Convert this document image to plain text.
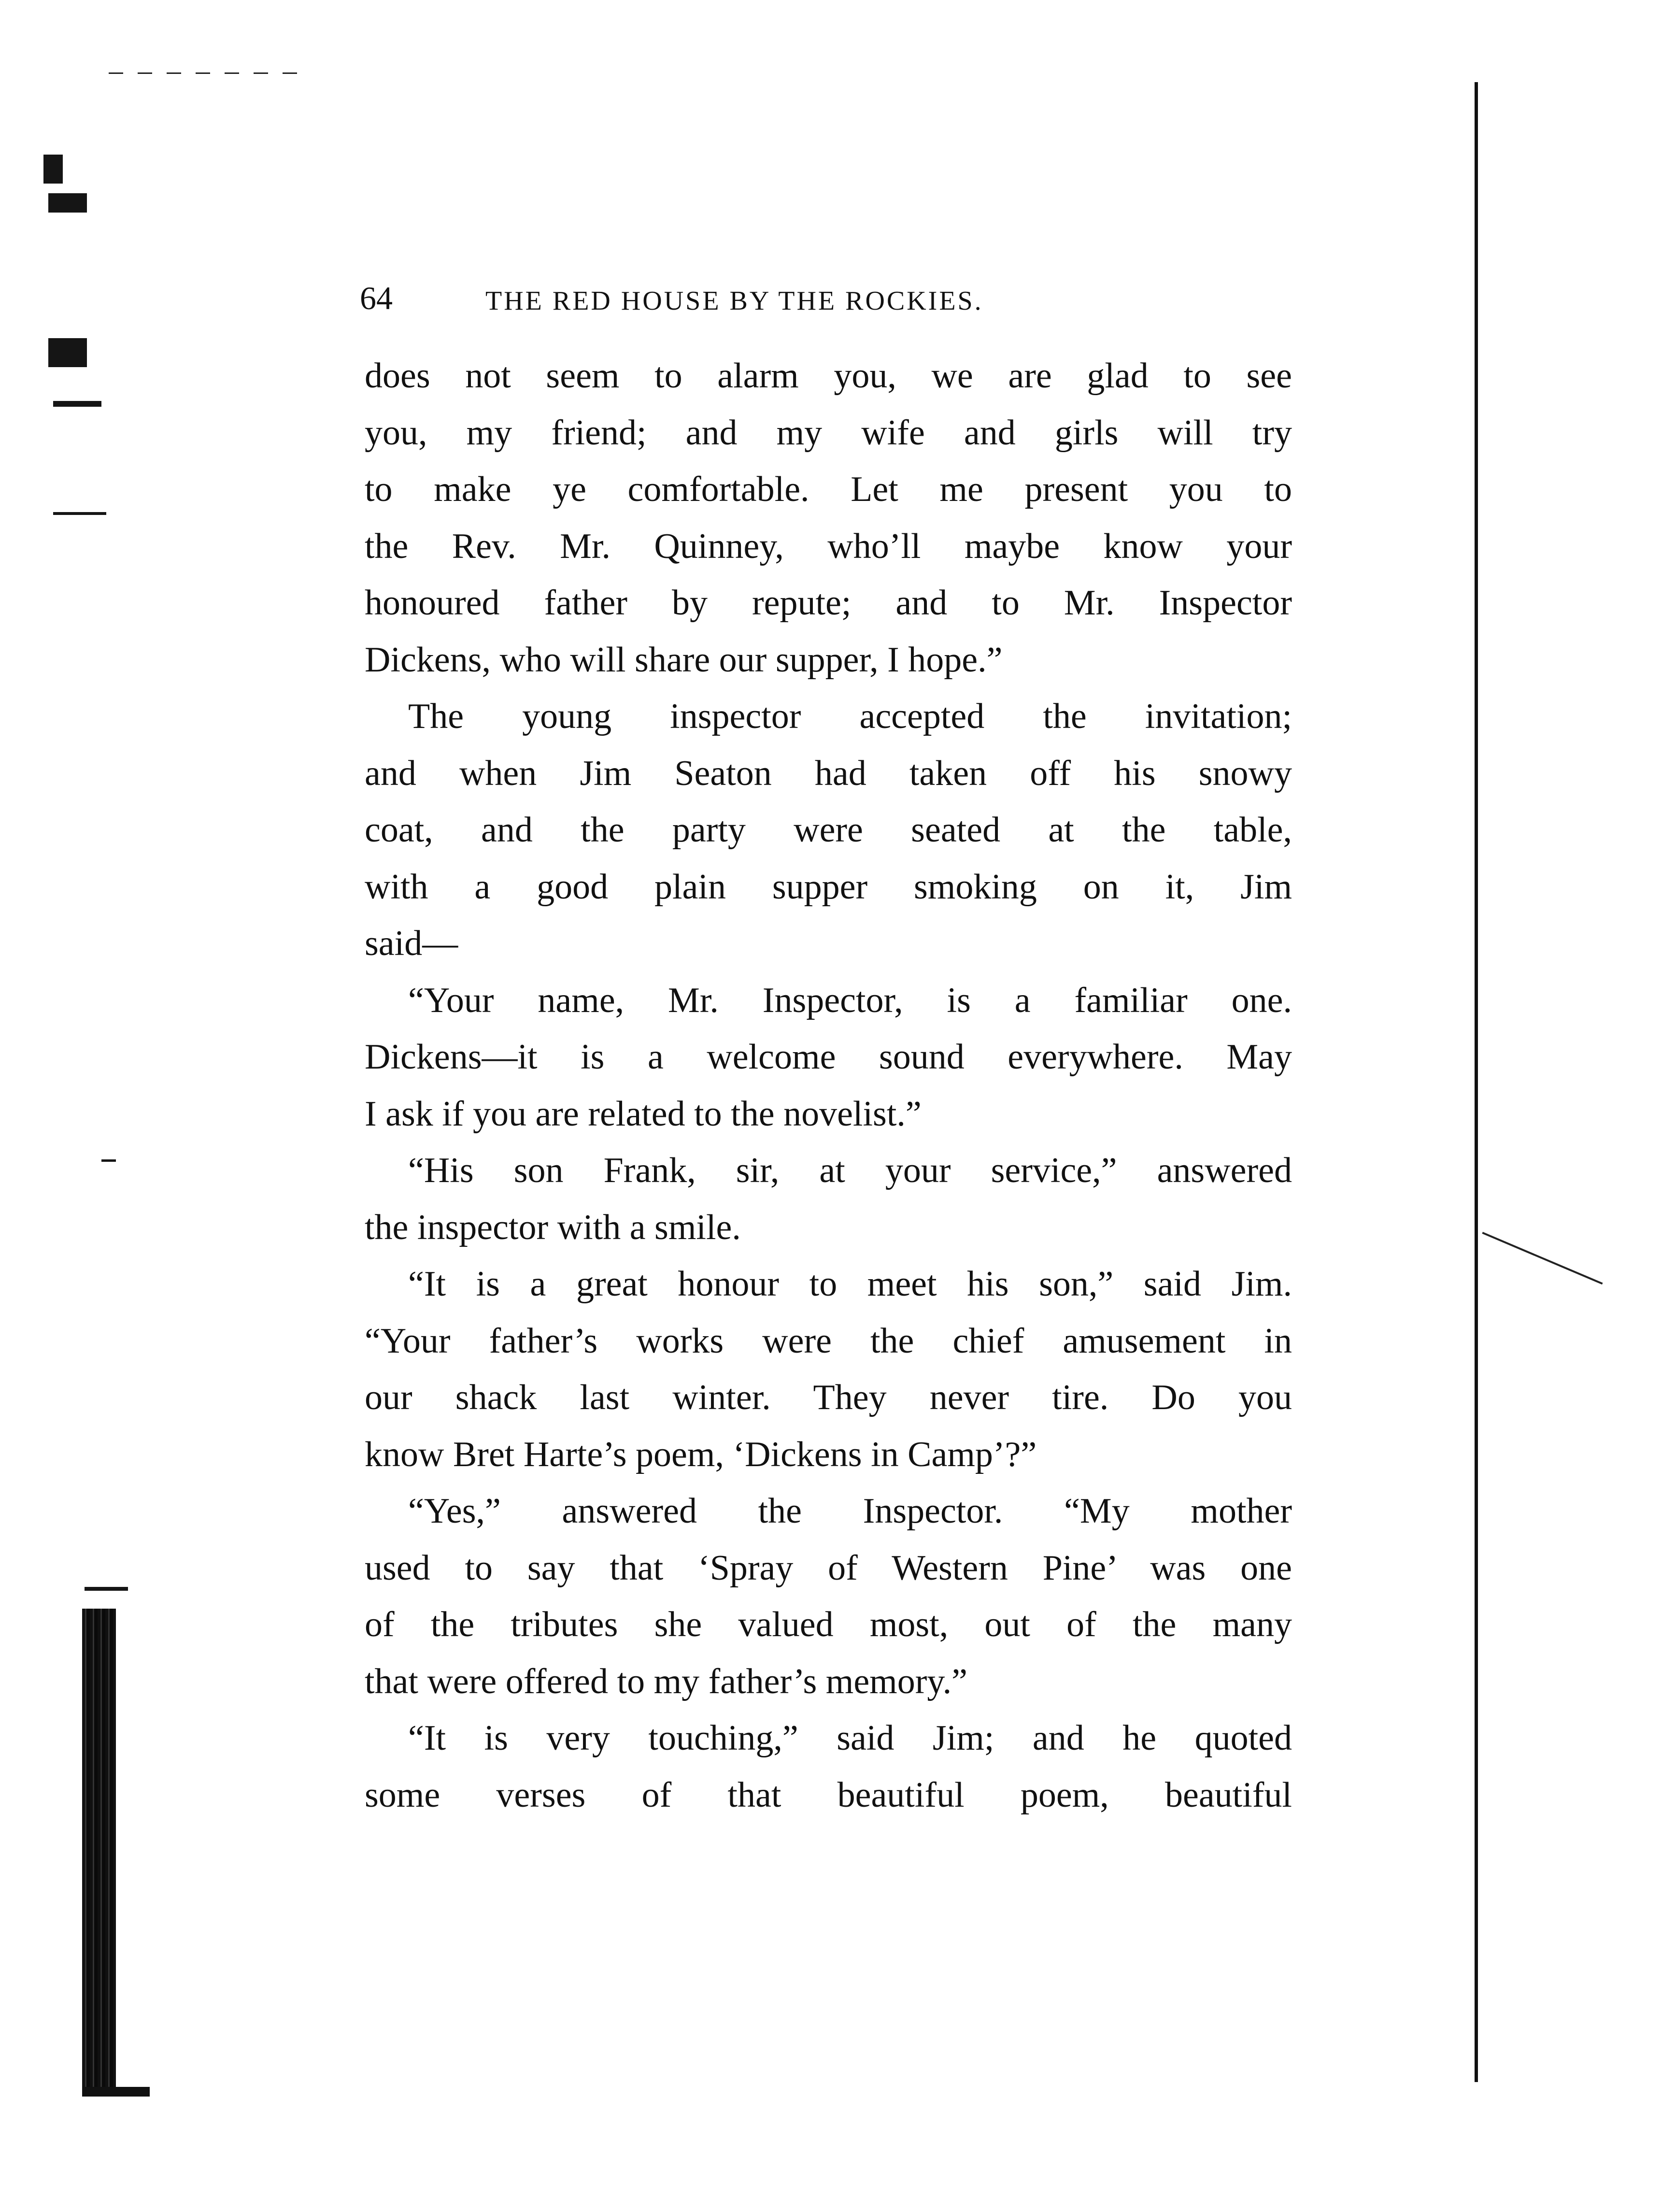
64	THE RED HOUSE BY THE ROCKIES.
does not seem to alarm you, we are glad to see
you, my friend; and my wife and girls will try
to make ye comfortable. Let me present you to
the Rev. Mr. Quinney, who’ll maybe know your
honoured father by repute; and to Mr. Inspector
Dickens, who will share our supper, I hope.”
The young inspector accepted the invitation;
and when Jim Seaton had taken off his snowy
coat, and the party were seated at the table,
with a good plain supper smoking on it, Jim
said—
“Your name, Mr. Inspector, is a familiar one.
Dickens—it is a welcome sound everywhere. May
I ask if you are related to the novelist.”
“His son Frank, sir, at your service,” answered
the inspector with a smile.
“It is a great honour to meet his son,” said Jim.
“Your father’s works were the chief amusement in
our shack last winter. They never tire. Do you
know Bret Harte’s poem, ‘Dickens in Camp’?”
“Yes,” answered the Inspector. “My mother
used to say that ‘Spray of Western Pine’ was one
of the tributes she valued most, out of the many
that were offered to my father’s memory.”
“It is very touching,” said Jim; and he quoted
some verses of that beautiful poem, beautiful
